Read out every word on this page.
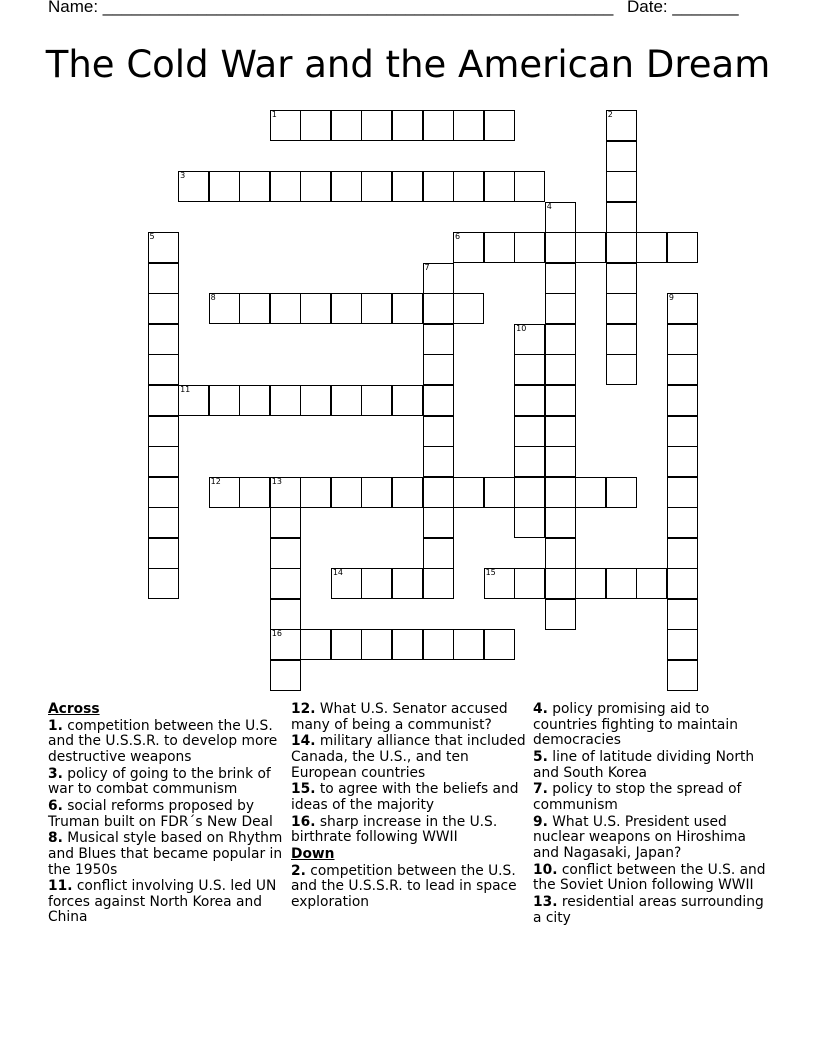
Name: ______________________________________________________ Date: _______
The Cold War and the American Dream
1
3
6
8
11
12	13
14	15
16
2
4
5
7
9
10
Across
1. competition between the U.S. and the U.S.S.R. to develop more destructive weapons
3. policy of going to the brink of war to combat communism
6. social reforms proposed by Truman built on FDR´s New Deal
8. Musical style based on Rhythm and Blues that became popular in the 1950s
11. conflict involving U.S. led UN forces against North Korea and China
12. What U.S. Senator accused many of being a communist?
14. military alliance that included Canada, the U.S., and ten European countries
15. to agree with the beliefs and ideas of the majority
16. sharp increase in the U.S. birthrate following WWII
Down
2. competition between the U.S. and the U.S.S.R. to lead in space exploration
4. policy promising aid to countries fighting to maintain democracies
5. line of latitude dividing North and South Korea
7. policy to stop the spread of communism
9. What U.S. President used nuclear weapons on Hiroshima and Nagasaki, Japan?
10. conflict between the U.S. and the Soviet Union following WWII
13. residential areas surrounding a city
